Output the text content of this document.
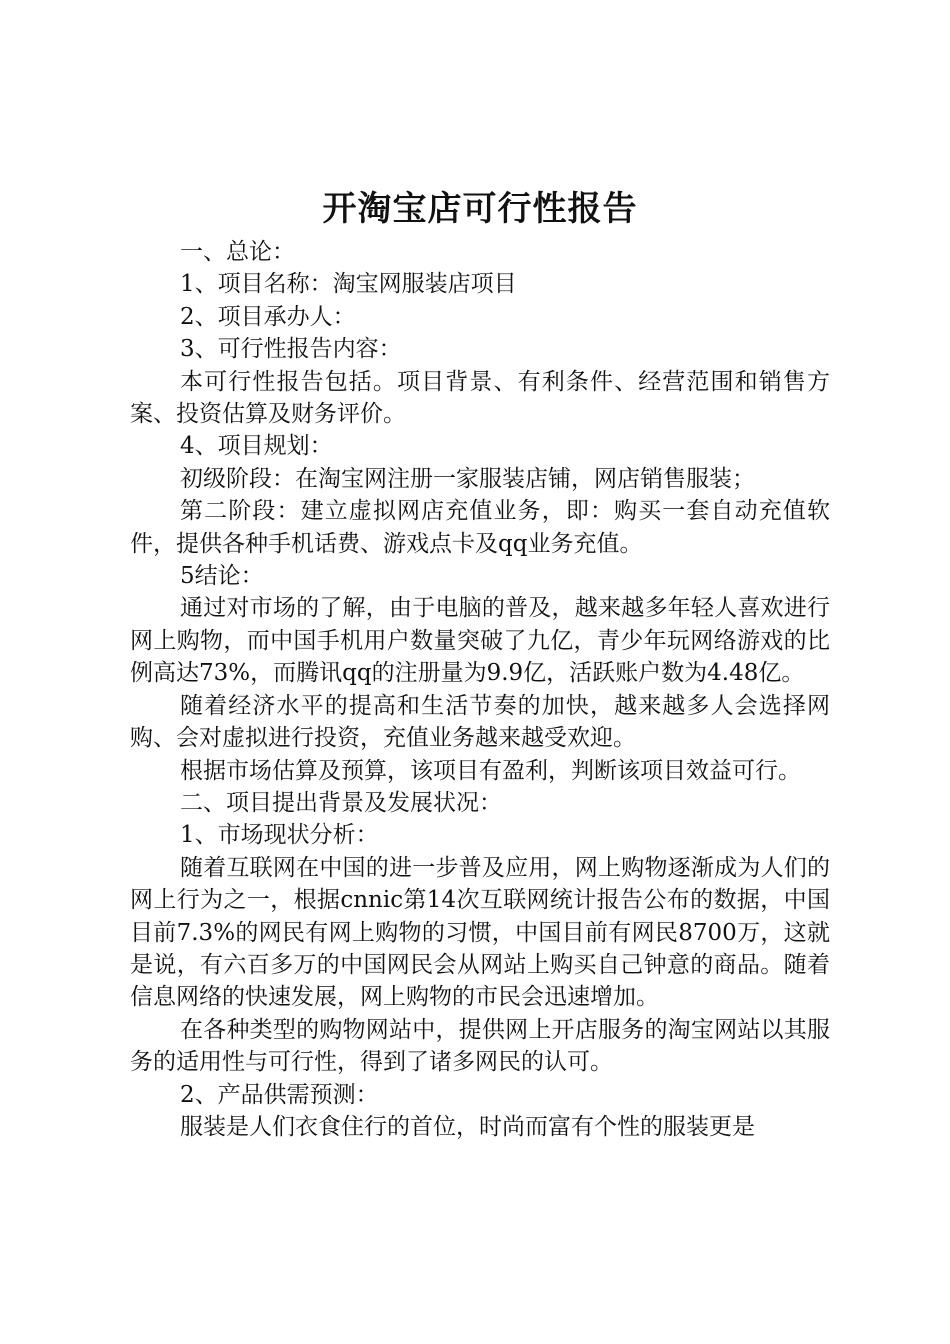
开淘宝店可行性报告

一、总论：

1、项目名称：淘宝网服装店项目

2、项目承办人：

3、可行性报告内容：

本可行性报告包括。项目背景、有利条件、经营范围和销售方案、投资估算及财务评价。

4、项目规划：

初级阶段：在淘宝网注册一家服装店铺，网店销售服装；

第二阶段：建立虚拟网店充值业务，即：购买一套自动充值软件，提供各种手机话费、游戏点卡及qq业务充值。

5结论：

通过对市场的了解，由于电脑的普及，越来越多年轻人喜欢进行网上购物，而中国手机用户数量突破了九亿，青少年玩网络游戏的比例高达73%，而腾讯qq的注册量为9.9亿，活跃账户数为4.48亿。

随着经济水平的提高和生活节奏的加快，越来越多人会选择网购、会对虚拟进行投资，充值业务越来越受欢迎。

根据市场估算及预算，该项目有盈利，判断该项目效益可行。

二、项目提出背景及发展状况：

1、市场现状分析：

随着互联网在中国的进一步普及应用，网上购物逐渐成为人们的网上行为之一，根据cnnic第14次互联网统计报告公布的数据，中国目前7.3%的网民有网上购物的习惯，中国目前有网民8700万，这就是说，有六百多万的中国网民会从网站上购买自己钟意的商品。随着信息网络的快速发展，网上购物的市民会迅速增加。

在各种类型的购物网站中，提供网上开店服务的淘宝网站以其服务的适用性与可行性，得到了诸多网民的认可。

2、产品供需预测：

服装是人们衣食住行的首位，时尚而富有个性的服装更是
